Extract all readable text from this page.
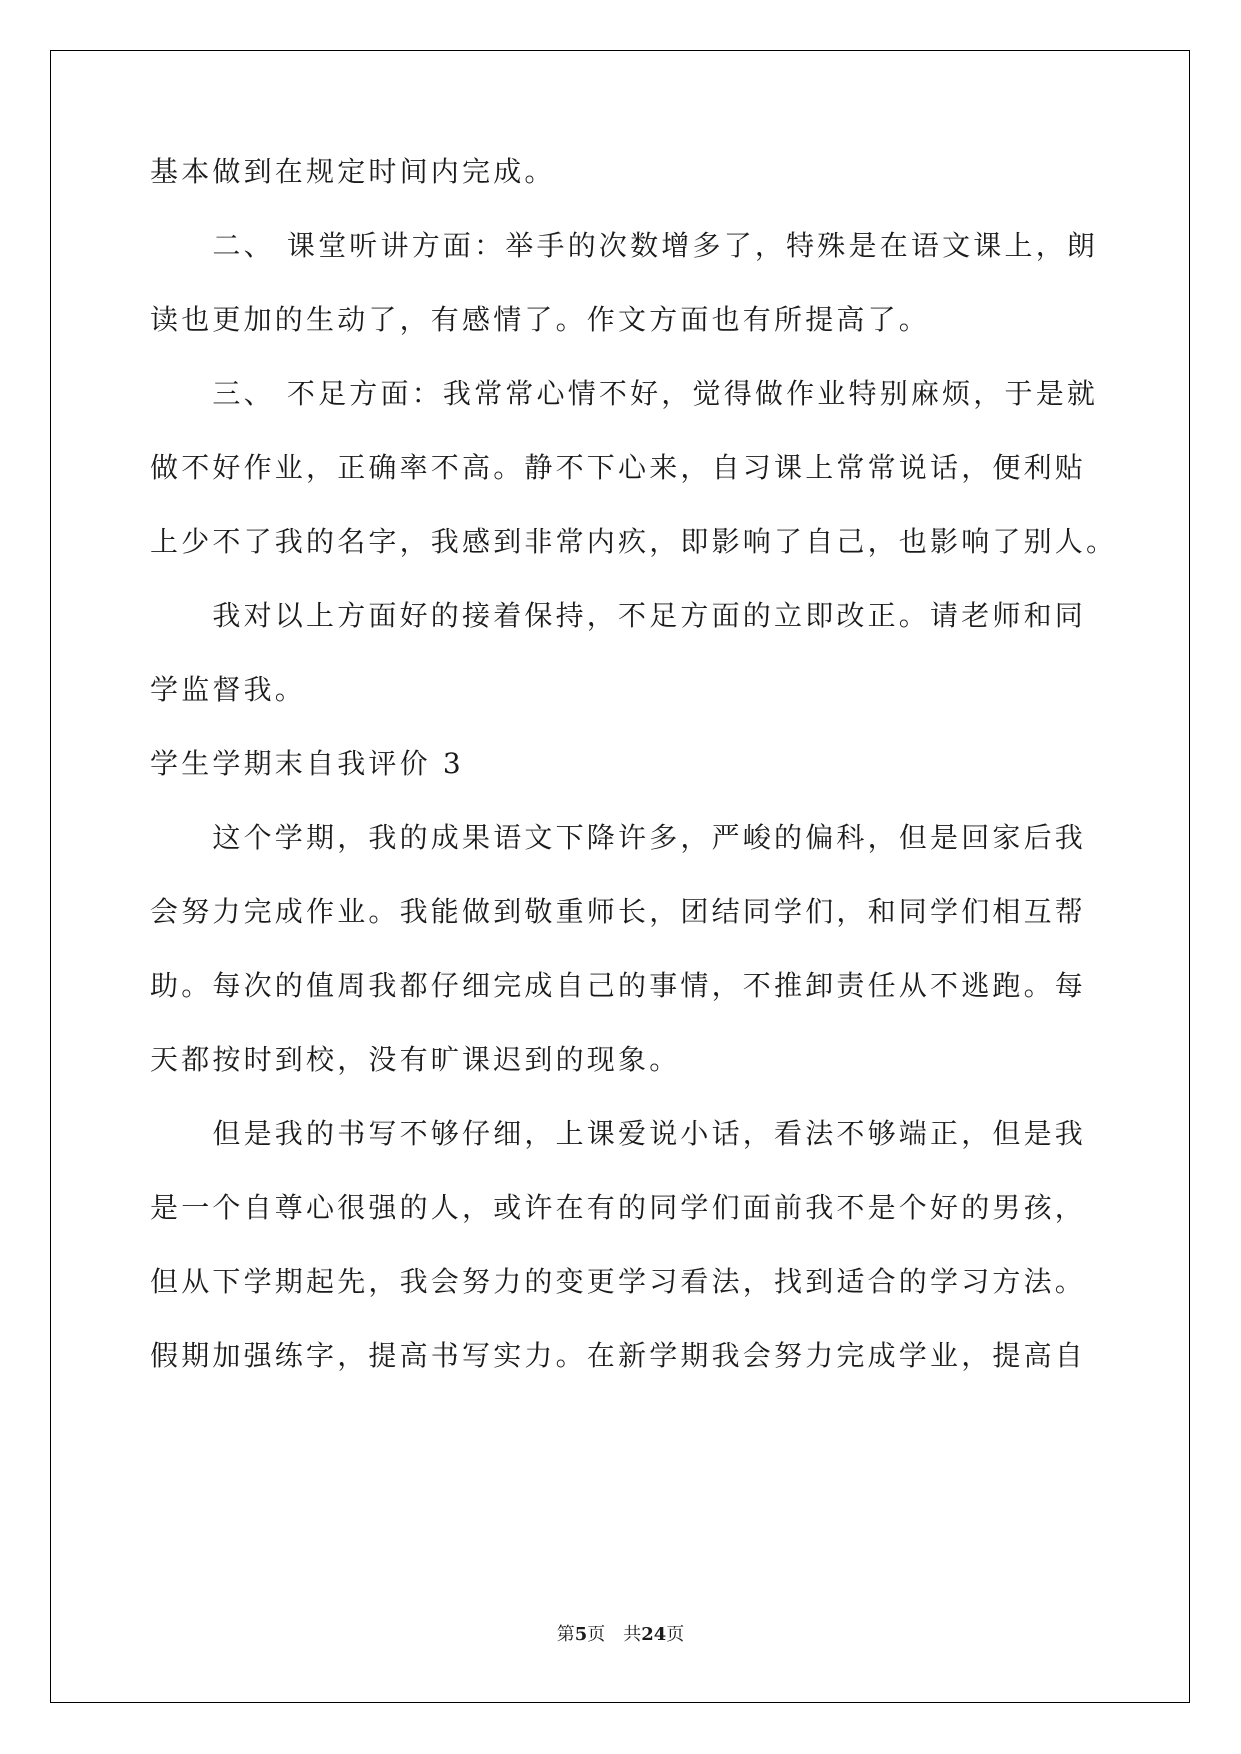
基本做到在规定时间内完成。
　　二、 课堂听讲方面：举手的次数增多了，特殊是在语文课上，朗
读也更加的生动了，有感情了。作文方面也有所提高了。
　　三、 不足方面：我常常心情不好，觉得做作业特别麻烦，于是就
做不好作业，正确率不高。静不下心来，自习课上常常说话，便利贴
上少不了我的名字，我感到非常内疚，即影响了自己，也影响了别人。
　　我对以上方面好的接着保持，不足方面的立即改正。请老师和同
学监督我。
学生学期末自我评价 3
　　这个学期，我的成果语文下降许多，严峻的偏科，但是回家后我
会努力完成作业。我能做到敬重师长，团结同学们，和同学们相互帮
助。每次的值周我都仔细完成自己的事情，不推卸责任从不逃跑。每
天都按时到校，没有旷课迟到的现象。
　　但是我的书写不够仔细，上课爱说小话，看法不够端正，但是我
是一个自尊心很强的人，或许在有的同学们面前我不是个好的男孩，
但从下学期起先，我会努力的变更学习看法，找到适合的学习方法。
假期加强练字，提高书写实力。在新学期我会努力完成学业，提高自
第5页　共24页
